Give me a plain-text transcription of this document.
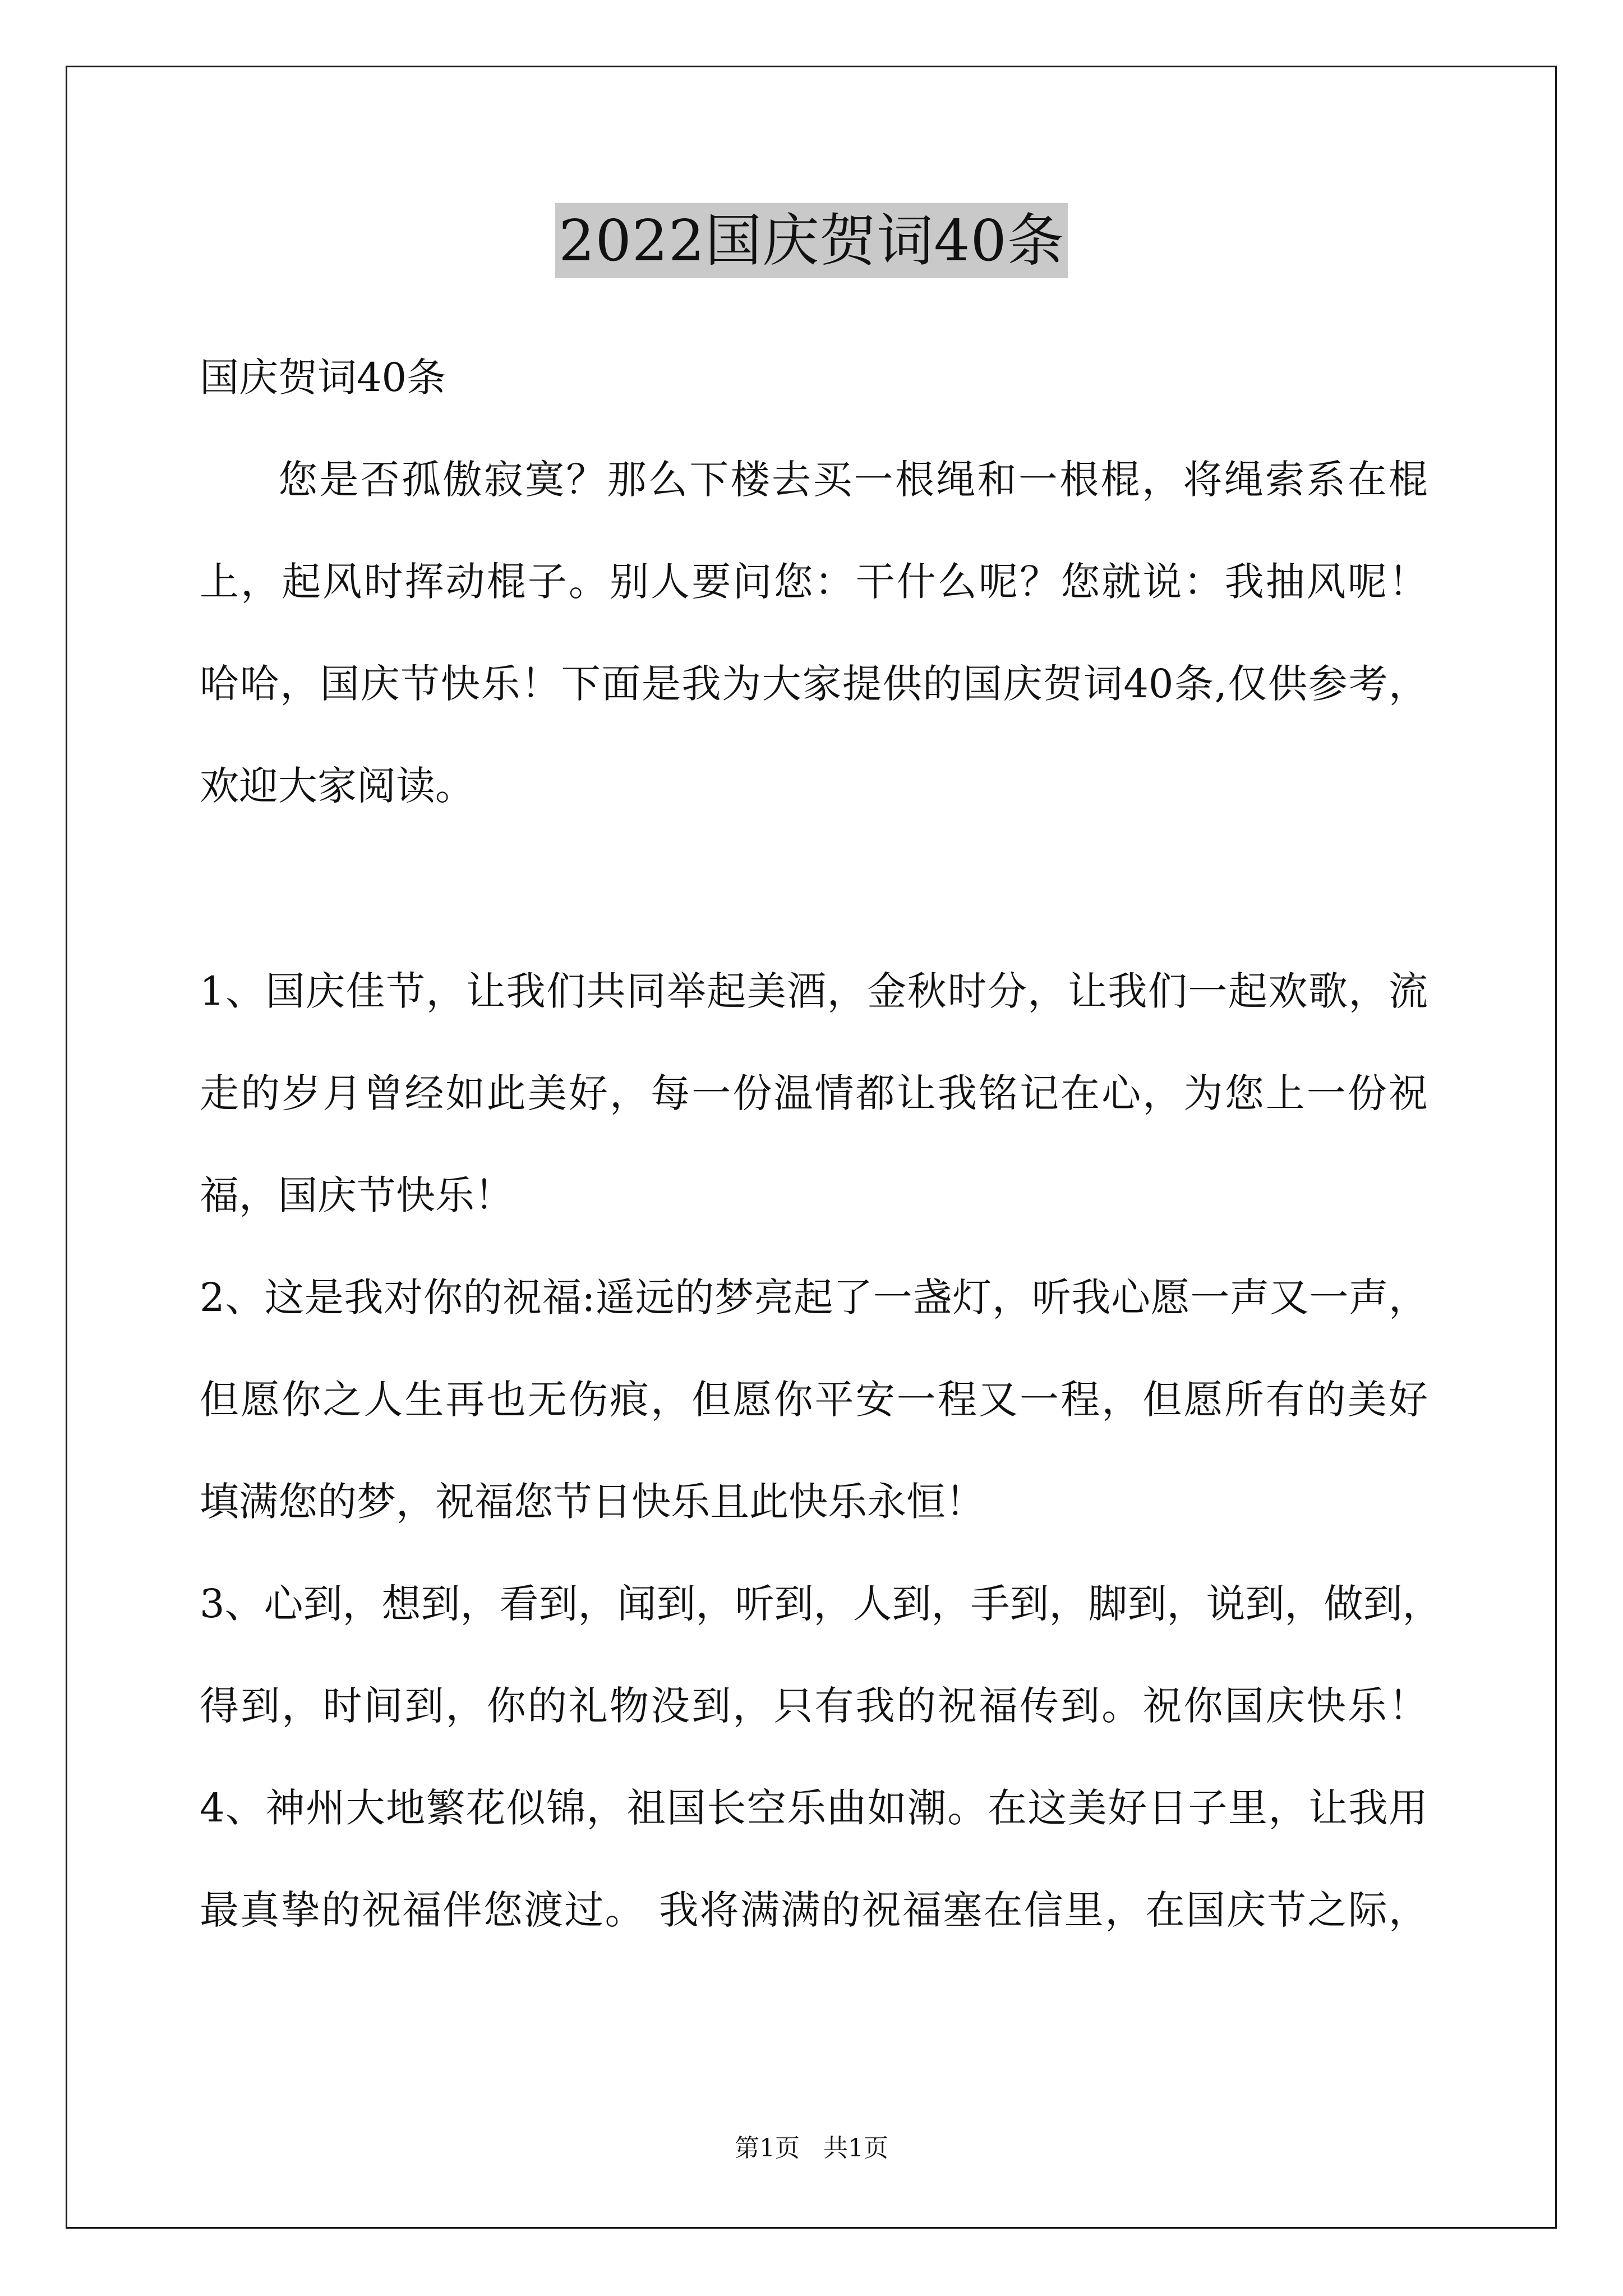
2022国庆贺词40条
国庆贺词40条
您是否孤傲寂寞？那么下楼去买一根绳和一根棍，将绳索系在棍
上，起风时挥动棍子。别人要问您：干什么呢？您就说：我抽风呢！
哈哈，国庆节快乐！下面是我为大家提供的国庆贺词40条,仅供参考，
欢迎大家阅读。
1、国庆佳节，让我们共同举起美酒，金秋时分，让我们一起欢歌，流
走的岁月曾经如此美好，每一份温情都让我铭记在心，为您上一份祝
福，国庆节快乐！
2、这是我对你的祝福:遥远的梦亮起了一盏灯，听我心愿一声又一声，
但愿你之人生再也无伤痕，但愿你平安一程又一程，但愿所有的美好
填满您的梦，祝福您节日快乐且此快乐永恒！
3、心到，想到，看到，闻到，听到，人到，手到，脚到，说到，做到，
得到，时间到，你的礼物没到，只有我的祝福传到。祝你国庆快乐！
4、神州大地繁花似锦，祖国长空乐曲如潮。在这美好日子里，让我用
最真挚的祝福伴您渡过。 我将满满的祝福塞在信里，在国庆节之际，
第1页 共1页
